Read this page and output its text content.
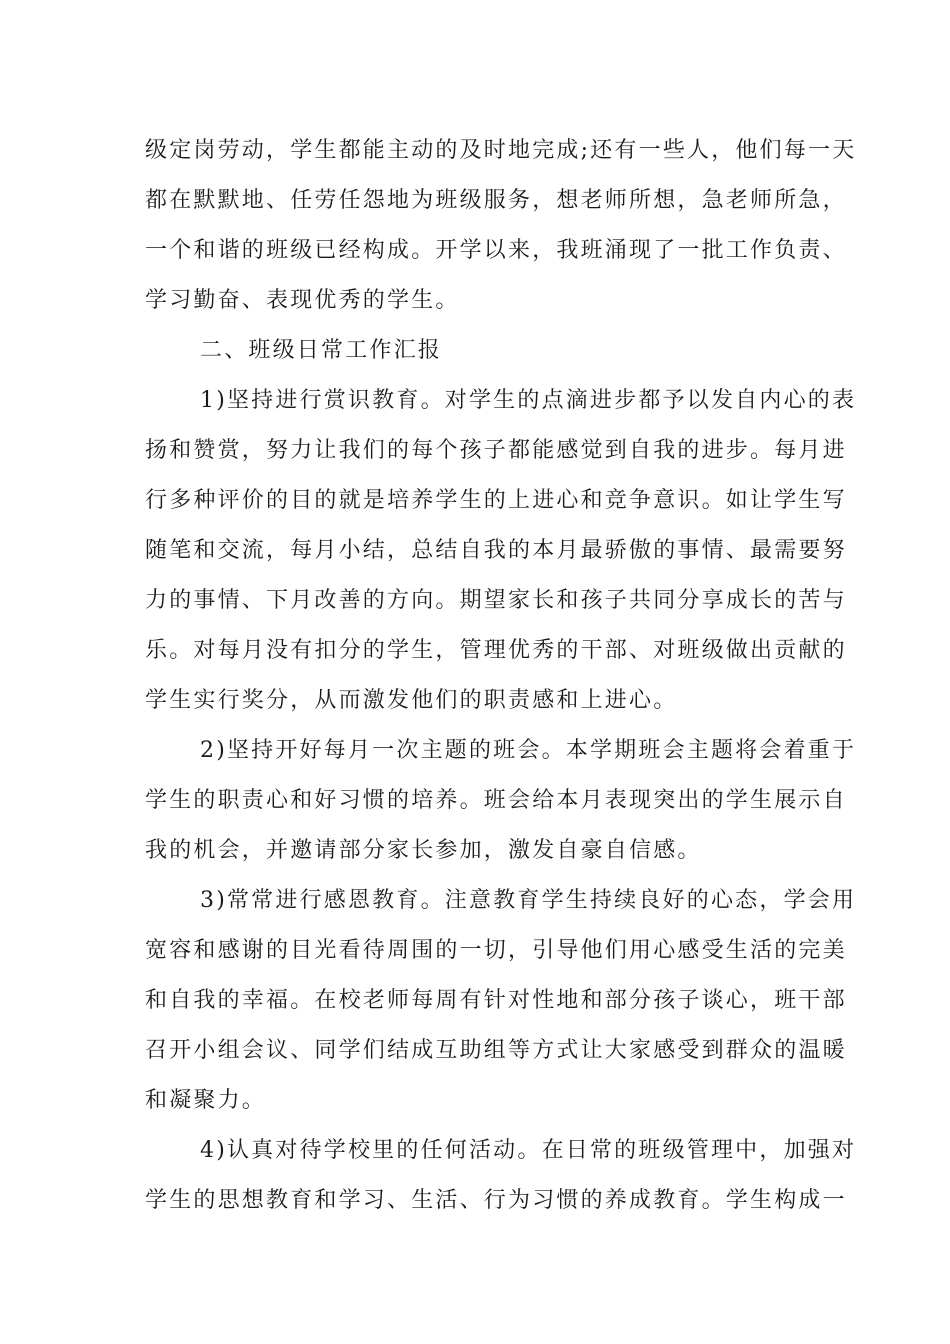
级定岗劳动，学生都能主动的及时地完成;还有一些人，他们每一天
都在默默地、任劳任怨地为班级服务，想老师所想，急老师所急，
一个和谐的班级已经构成。开学以来，我班涌现了一批工作负责、
学习勤奋、表现优秀的学生。
二、班级日常工作汇报
1)坚持进行赏识教育。对学生的点滴进步都予以发自内心的表
扬和赞赏，努力让我们的每个孩子都能感觉到自我的进步。每月进
行多种评价的目的就是培养学生的上进心和竞争意识。如让学生写
随笔和交流，每月小结，总结自我的本月最骄傲的事情、最需要努
力的事情、下月改善的方向。期望家长和孩子共同分享成长的苦与
乐。对每月没有扣分的学生，管理优秀的干部、对班级做出贡献的
学生实行奖分，从而激发他们的职责感和上进心。
2)坚持开好每月一次主题的班会。本学期班会主题将会着重于
学生的职责心和好习惯的培养。班会给本月表现突出的学生展示自
我的机会，并邀请部分家长参加，激发自豪自信感。
3)常常进行感恩教育。注意教育学生持续良好的心态，学会用
宽容和感谢的目光看待周围的一切，引导他们用心感受生活的完美
和自我的幸福。在校老师每周有针对性地和部分孩子谈心，班干部
召开小组会议、同学们结成互助组等方式让大家感受到群众的温暖
和凝聚力。
4)认真对待学校里的任何活动。在日常的班级管理中，加强对
学生的思想教育和学习、生活、行为习惯的养成教育。学生构成一
